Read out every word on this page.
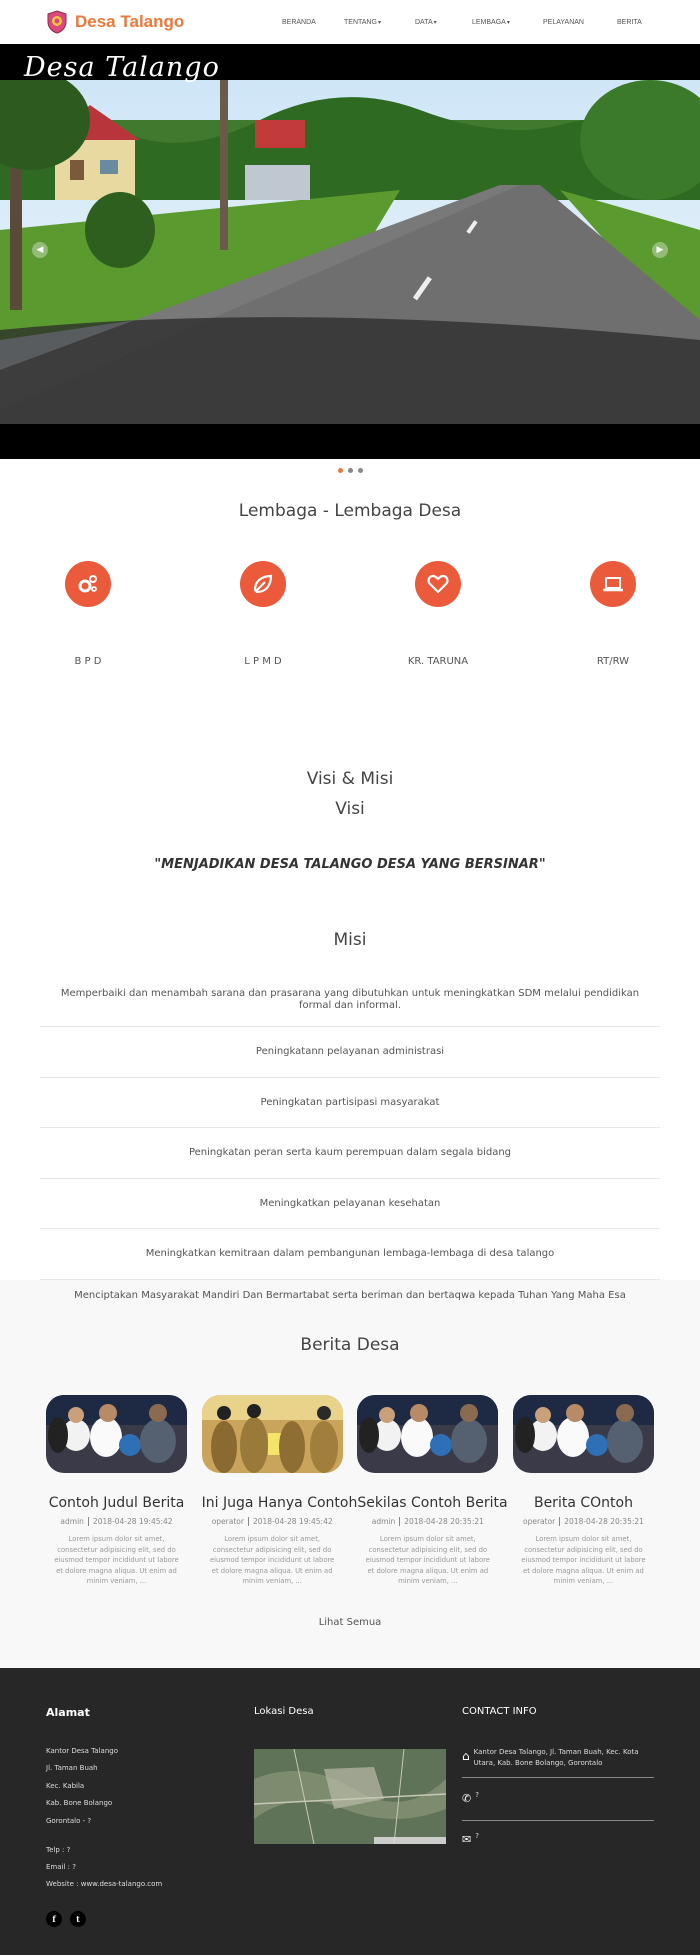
Desa Talango	BERANDA	TENTANG ▾	DATA ▾	LEMBAGA ▾	PELAYANAN	BERITA
Desa Talango
◀	▶
Lembaga - Lembaga Desa
B P D	L P M D	KR. TARUNA	RT/RW
Visi & Misi
Visi
"MENJADIKAN DESA TALANGO DESA YANG BERSINAR"
Misi
Memperbaiki dan menambah sarana dan prasarana yang dibutuhkan untuk meningkatkan SDM melalui pendidikan formal dan informal.
Peningkatann pelayanan administrasi
Peningkatan partisipasi masyarakat
Peningkatan peran serta kaum perempuan dalam segala bidang
Meningkatkan pelayanan kesehatan
Meningkatkan kemitraan dalam pembangunan lembaga-lembaga di desa talango
Menciptakan Masyarakat Mandiri Dan Bermartabat serta beriman dan bertaqwa kepada Tuhan Yang Maha Esa
Berita Desa
Contoh Judul Berita
admin 2018-04-28 19:45:42
Lorem ipsum dolor sit amet, consectetur adipisicing elit, sed do eiusmod tempor incididunt ut labore et dolore magna aliqua. Ut enim ad minim veniam, ...
Ini Juga Hanya Contoh
operator 2018-04-28 19:45:42
Lorem ipsum dolor sit amet, consectetur adipisicing elit, sed do eiusmod tempor incididunt ut labore et dolore magna aliqua. Ut enim ad minim veniam, ...
Sekilas Contoh Berita
admin 2018-04-28 20:35:21
Lorem ipsum dolor sit amet, consectetur adipisicing elit, sed do eiusmod tempor incididunt ut labore et dolore magna aliqua. Ut enim ad minim veniam, ...
Berita COntoh
operator 2018-04-28 20:35:21
Lorem ipsum dolor sit amet, consectetur adipisicing elit, sed do eiusmod tempor incididunt ut labore et dolore magna aliqua. Ut enim ad minim veniam, ...
Lihat Semua
Alamat
Kantor Desa Talango
Jl. Taman Buah
Kec. Kabila
Kab. Bone Bolango
Gorontalo - ?
Telp : ?
Email : ?
Website : www.desa-talango.com
f	t
Lokasi Desa	CONTACT INFO
⌂ Kantor Desa Talango, Jl. Taman Buah, Kec. Kota Utara, Kab. Bone Bolango, Gorontalo
✆ ?
✉ ?
